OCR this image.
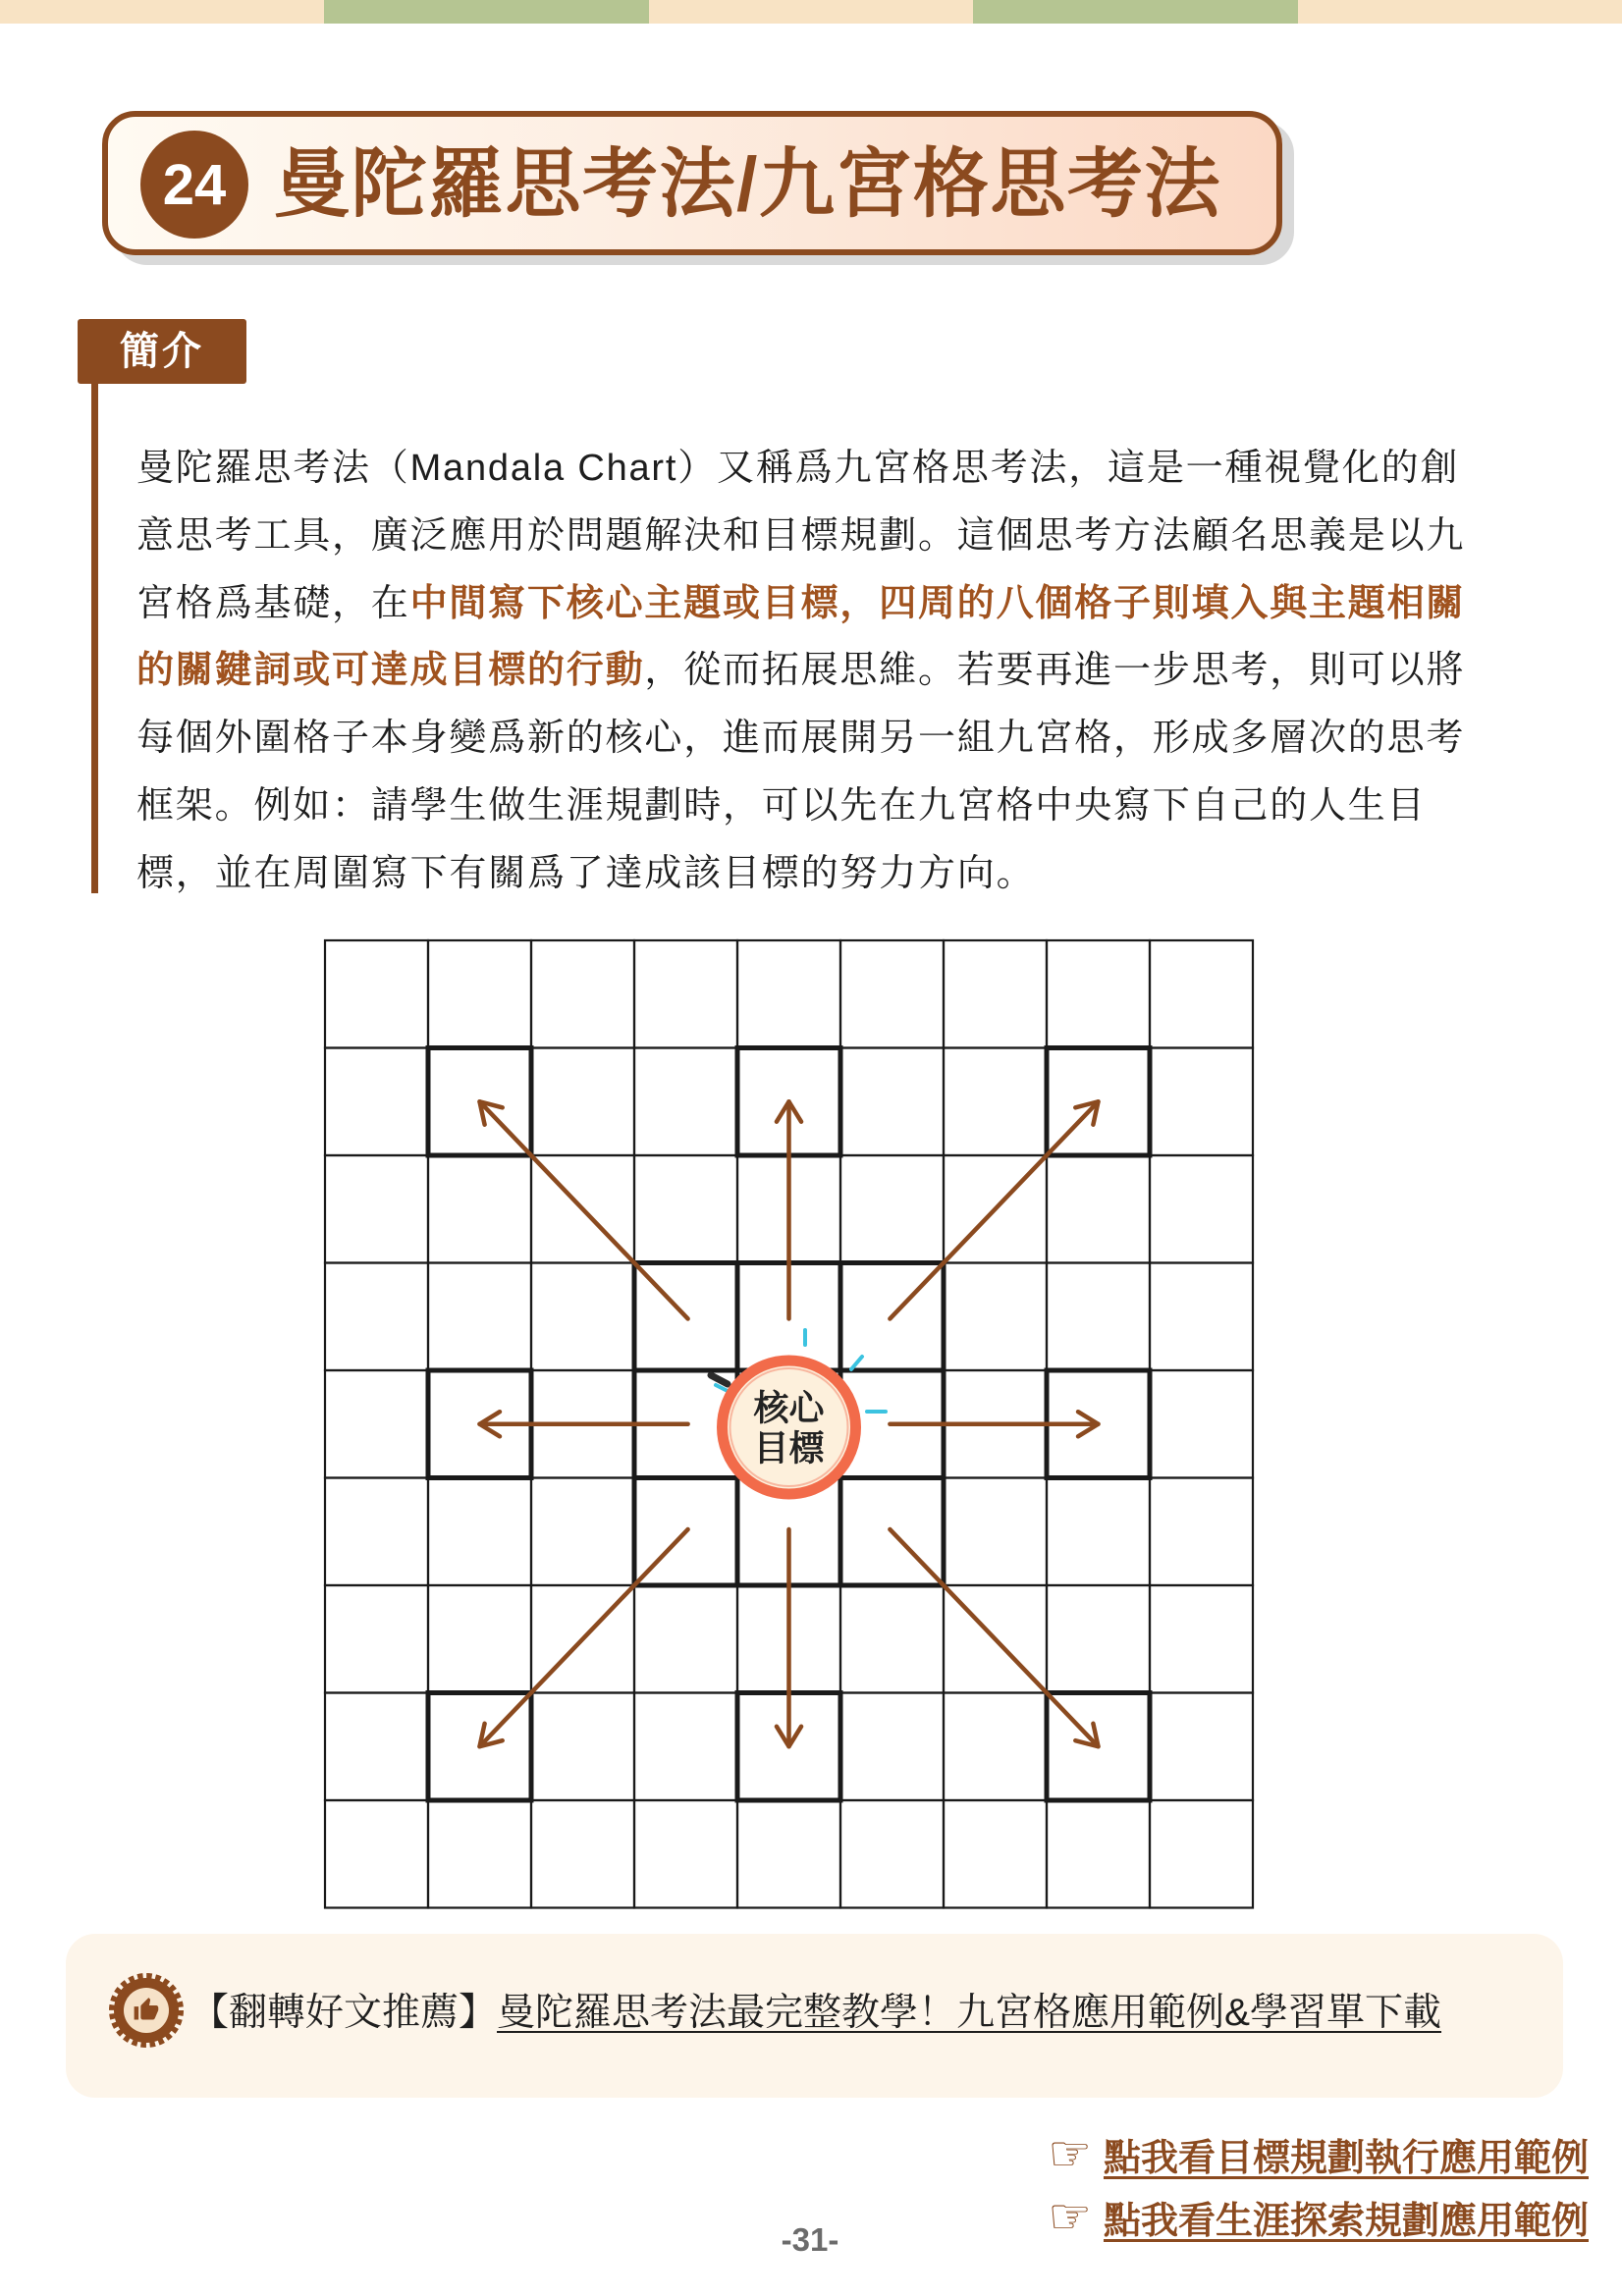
24 曼陀羅思考法/九宮格思考法
簡介
曼陀羅思考法（Mandala Chart）又稱爲九宮格思考法，這是一種視覺化的創
意思考工具，廣泛應用於問題解決和目標規劃。這個思考方法顧名思義是以九
宮格爲基礎，在中間寫下核心主題或目標，四周的八個格子則填入與主題相關
的關鍵詞或可達成目標的行動，從而拓展思維。若要再進一步思考，則可以將
每個外圍格子本身變爲新的核心，進而展開另一組九宮格，形成多層次的思考
框架。例如：請學生做生涯規劃時，可以先在九宮格中央寫下自己的人生目
標，並在周圍寫下有關爲了達成該目標的努力方向。
核心
目標
【翻轉好文推薦】曼陀羅思考法最完整教學！九宮格應用範例&學習單下載
☞
點我看目標規劃執行應用範例
☞
點我看生涯探索規劃應用範例
-31-
